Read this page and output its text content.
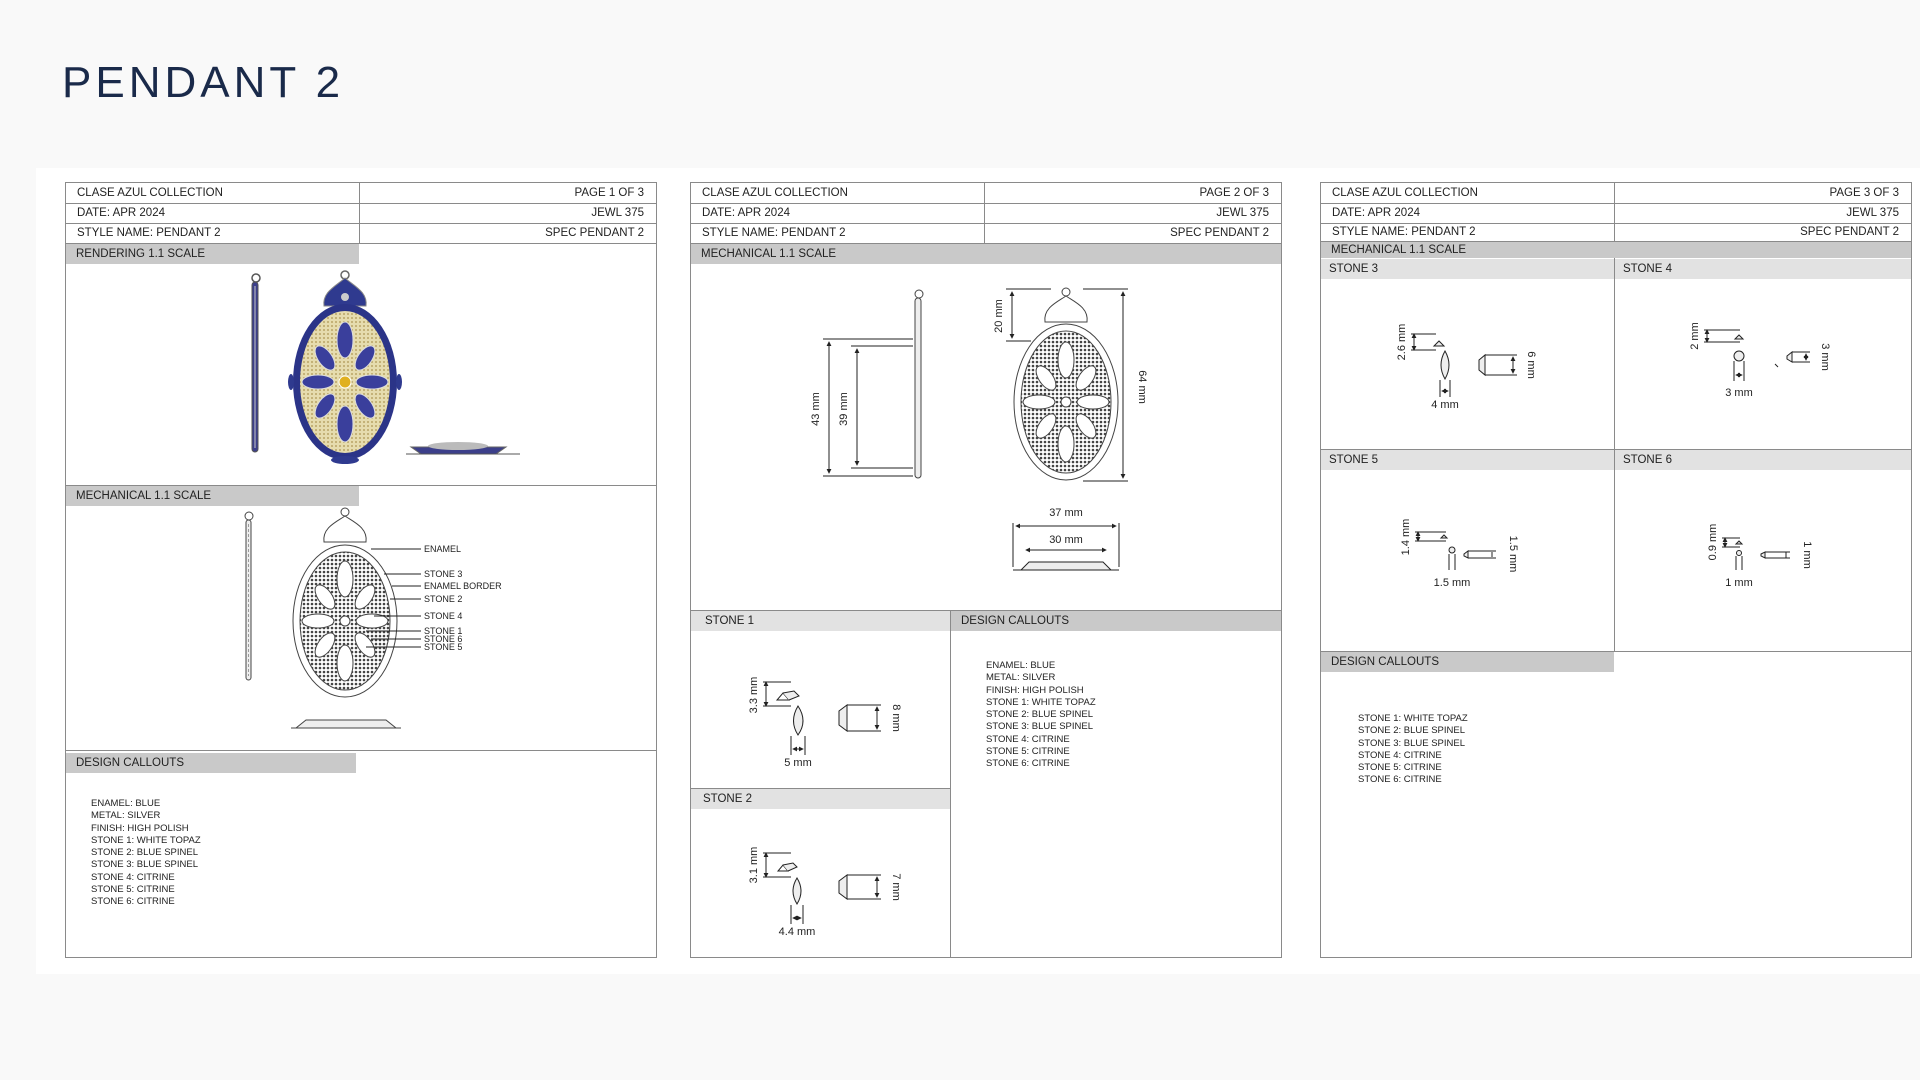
PENDANT 2
CLASE AZUL COLLECTION	PAGE 1 OF 3
DATE: APR 2024	JEWL 375
STYLE NAME: PENDANT 2	SPEC PENDANT 2
RENDERING 1.1 SCALE
MECHANICAL 1.1 SCALE
ENAMEL
STONE 3
ENAMEL BORDER
STONE 2
STONE 4
STONE 1
STONE 6
STONE 5
DESIGN CALLOUTS
ENAMEL: BLUE
METAL: SILVER
FINISH: HIGH POLISH
STONE 1: WHITE TOPAZ
STONE 2: BLUE SPINEL
STONE 3: BLUE SPINEL
STONE 4: CITRINE
STONE 5: CITRINE
STONE 6: CITRINE
CLASE AZUL COLLECTION	PAGE 2 OF 3
DATE: APR 2024	JEWL 375
STYLE NAME: PENDANT 2	SPEC PENDANT 2
MECHANICAL 1.1 SCALE
43 mm 39 mm
20 mm
64 mm
37 mm
30 mm
STONE 1	DESIGN CALLOUTS
3.3 mm
5 mm
8 mm
STONE 2
3.1 mm
4.4 mm
7 mm
ENAMEL: BLUE
METAL: SILVER
FINISH: HIGH POLISH
STONE 1: WHITE TOPAZ
STONE 2: BLUE SPINEL
STONE 3: BLUE SPINEL
STONE 4: CITRINE
STONE 5: CITRINE
STONE 6: CITRINE
CLASE AZUL COLLECTION	PAGE 3 OF 3
DATE: APR 2024	JEWL 375
STYLE NAME: PENDANT 2	SPEC PENDANT 2
MECHANICAL 1.1 SCALE
STONE 3	STONE 4
2.6 mm
4 mm
6 mm
2 mm
3 mm
3 mm
STONE 5	STONE 6
1.4 mm
1.5 mm
1.5 mm	0.9 mm
1 mm
1 mm
DESIGN CALLOUTS
STONE 1: WHITE TOPAZ
STONE 2: BLUE SPINEL
STONE 3: BLUE SPINEL
STONE 4: CITRINE
STONE 5: CITRINE
STONE 6: CITRINE
